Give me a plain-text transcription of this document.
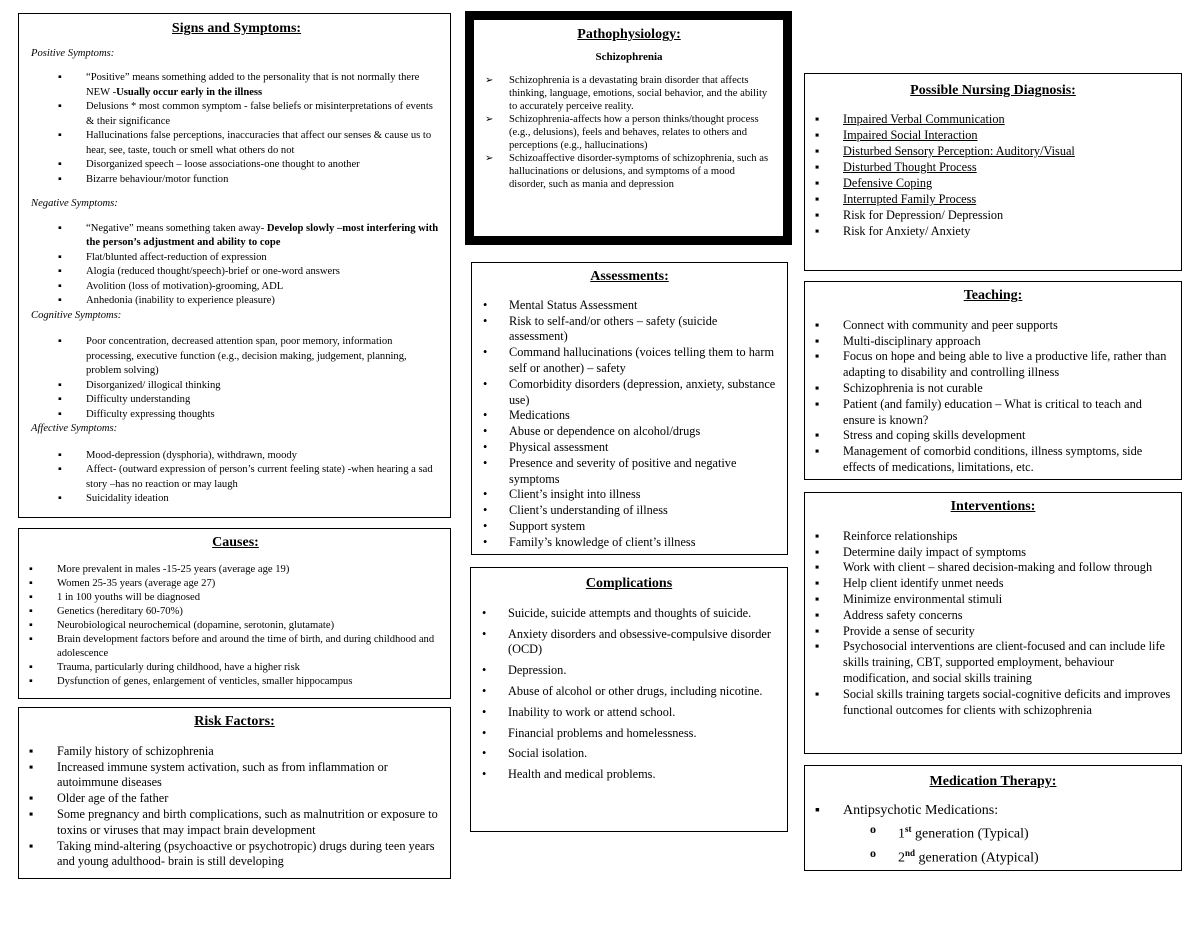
Signs and Symptoms:

Positive Symptoms:
▪ “Positive” means something added to the personality that is not normally there NEW -Usually occur early in the illness
▪ Delusions * most common symptom - false beliefs or misinterpretations of events & their significance
▪ Hallucinations false perceptions, inaccuracies that affect our senses & cause us to hear, see, taste, touch or smell what others do not
▪ Disorganized speech – loose associations-one thought to another
▪ Bizarre behaviour/motor function
Negative Symptoms:
▪ “Negative” means something taken away- Develop slowly –most interfering with the person’s adjustment and ability to cope
▪ Flat/blunted affect-reduction of expression
▪ Alogia (reduced thought/speech)-brief or one-word answers
▪ Avolition (loss of motivation)-grooming, ADL
▪ Anhedonia (inability to experience pleasure)
Cognitive Symptoms:
▪ Poor concentration, decreased attention span, poor memory, information processing, executive function (e.g., decision making, judgement, planning, problem solving)
▪ Disorganized/ illogical thinking
▪ Difficulty understanding
▪ Difficulty expressing thoughts
Affective Symptoms:
▪ Mood-depression (dysphoria), withdrawn, moody
▪ Affect- (outward expression of person’s current feeling state) -when hearing a sad story –has no reaction or may laugh
▪ Suicidality ideation

Pathophysiology:

Schizophrenia
➢ Schizophrenia is a devastating brain disorder that affects thinking, language, emotions, social behavior, and the ability to accurately perceive reality.
➢ Schizophrenia-affects how a person thinks/thought process (e.g., delusions), feels and behaves, relates to others and perceptions (e.g., hallucinations)
➢ Schizoaffective disorder-symptoms of schizophrenia, such as hallucinations or delusions, and symptoms of a mood disorder, such as mania and depression

Possible Nursing Diagnosis:

▪ Impaired Verbal Communication
▪ Impaired Social Interaction
▪ Disturbed Sensory Perception: Auditory/Visual
▪ Disturbed Thought Process
▪ Defensive Coping
▪ Interrupted Family Process
▪ Risk for Depression/ Depression
▪ Risk for Anxiety/ Anxiety

Assessments:

• Mental Status Assessment
• Risk to self-and/or others – safety (suicide assessment)
• Command hallucinations (voices telling them to harm self or another) – safety
• Comorbidity disorders (depression, anxiety, substance use)
• Medications
• Abuse or dependence on alcohol/drugs
• Physical assessment
• Presence and severity of positive and negative symptoms
• Client’s insight into illness
• Client’s understanding of illness
• Support system
• Family’s knowledge of client’s illness

Teaching:

▪ Connect with community and peer supports
▪ Multi-disciplinary approach
▪ Focus on hope and being able to live a productive life, rather than adapting to disability and controlling illness
▪ Schizophrenia is not curable
▪ Patient (and family) education – What is critical to teach and ensure is known?
▪ Stress and coping skills development
▪ Management of comorbid conditions, illness symptoms, side effects of medications, limitations, etc.

Causes:

▪ More prevalent in males -15-25 years (average age 19)
▪ Women 25-35 years (average age 27)
▪ 1 in 100 youths will be diagnosed
▪ Genetics (hereditary 60-70%)
▪ Neurobiological neurochemical (dopamine, serotonin, glutamate)
▪ Brain development factors before and around the time of birth, and during childhood and adolescence
▪ Trauma, particularly during childhood, have a higher risk
▪ Dysfunction of genes, enlargement of venticles, smaller hippocampus

Complications

• Suicide, suicide attempts and thoughts of suicide.
• Anxiety disorders and obsessive-compulsive disorder (OCD)
• Depression.
• Abuse of alcohol or other drugs, including nicotine.
• Inability to work or attend school.
• Financial problems and homelessness.
• Social isolation.
• Health and medical problems.

Interventions:

▪ Reinforce relationships
▪ Determine daily impact of symptoms
▪ Work with client – shared decision-making and follow through
▪ Help client identify unmet needs
▪ Minimize environmental stimuli
▪ Address safety concerns
▪ Provide a sense of security
▪ Psychosocial interventions are client-focused and can include life skills training, CBT, supported employment, behaviour modification, and social skills training
▪ Social skills training targets social-cognitive deficits and improves functional outcomes for clients with schizophrenia

Risk Factors:

▪ Family history of schizophrenia
▪ Increased immune system activation, such as from inflammation or autoimmune diseases
▪ Older age of the father
▪ Some pregnancy and birth complications, such as malnutrition or exposure to toxins or viruses that may impact brain development
▪ Taking mind-altering (psychoactive or psychotropic) drugs during teen years and young adulthood- brain is still developing

Medication Therapy:

▪ Antipsychotic Medications:
o 1st generation (Typical)
o 2nd generation (Atypical)
